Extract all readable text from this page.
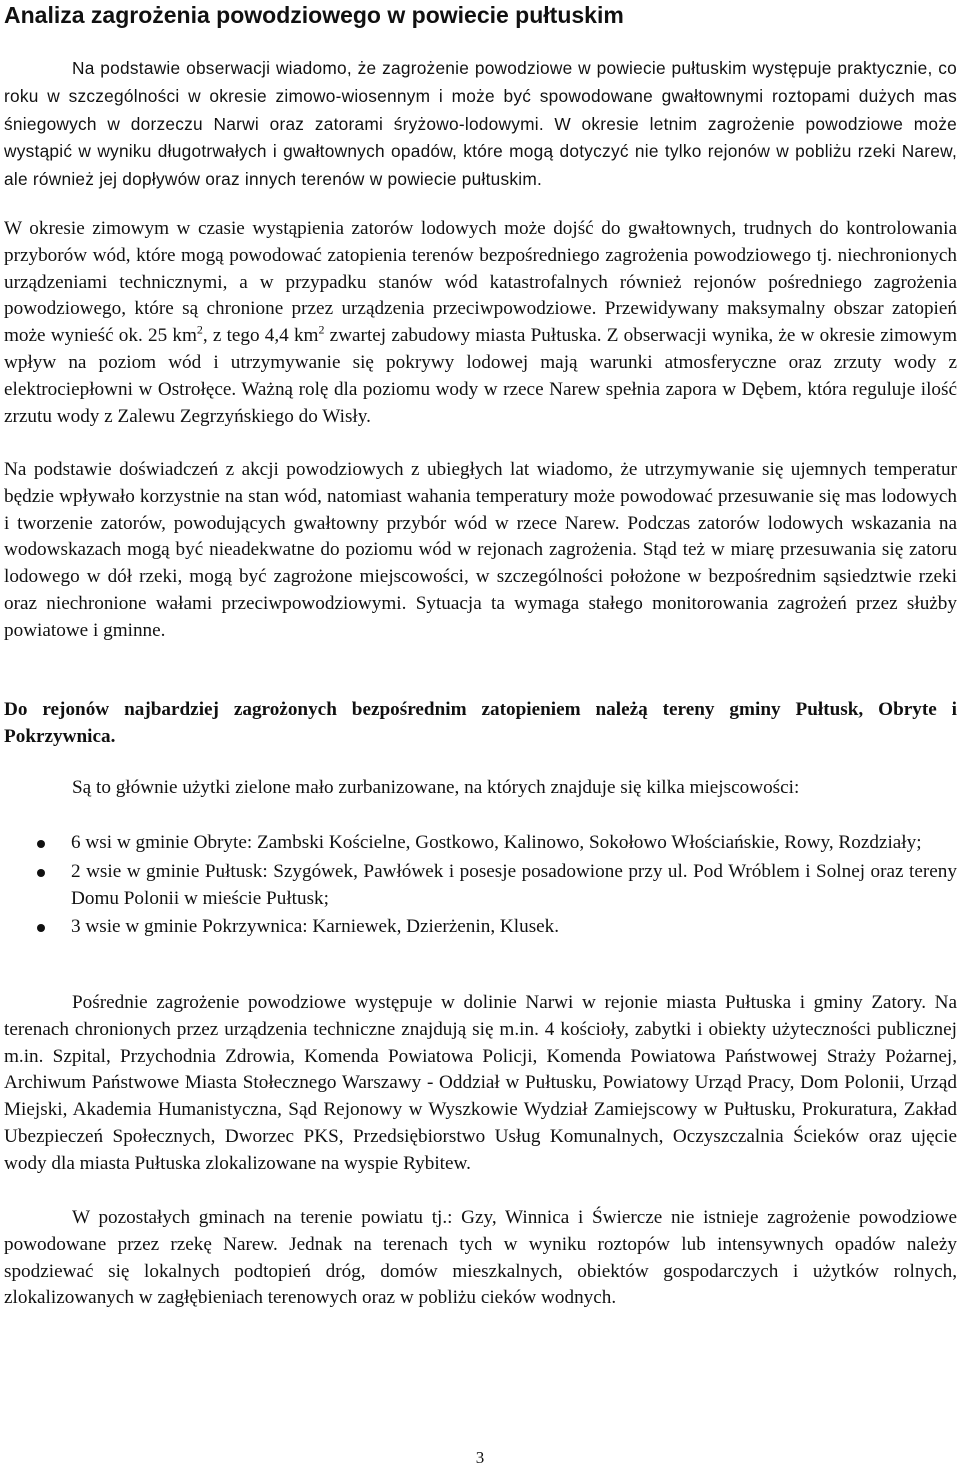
Analiza zagrożenia powodziowego w powiecie pułtuskim

Na podstawie obserwacji wiadomo, że zagrożenie powodziowe w powiecie pułtuskim występuje praktycznie, co roku w szczególności w okresie zimowo-wiosennym i może być spowodowane gwałtownymi roztopami dużych mas śniegowych w dorzeczu Narwi oraz zatorami śryżowo-lodowymi. W okresie letnim zagrożenie powodziowe może wystąpić w wyniku długotrwałych i gwałtownych opadów, które mogą dotyczyć nie tylko rejonów w pobliżu rzeki Narew, ale również jej dopływów oraz innych terenów w powiecie pułtuskim.

W okresie zimowym w czasie wystąpienia zatorów lodowych może dojść do gwałtownych, trudnych do kontrolowania przyborów wód, które mogą powodować zatopienia terenów bezpośredniego zagrożenia powodziowego tj. niechronionych urządzeniami technicznymi, a w przypadku stanów wód katastrofalnych również rejonów pośredniego zagrożenia powodziowego, które są chronione przez urządzenia przeciwpowodziowe. Przewidywany maksymalny obszar zatopień może wynieść ok. 25 $km^2$, z tego 4,4 $km^2$ zwartej zabudowy miasta Pułtuska. Z obserwacji wynika, że w okresie zimowym wpływ na poziom wód i utrzymywanie się pokrywy lodowej mają warunki atmosferyczne oraz zrzuty wody z elektrociepłowni w Ostrołęce. Ważną rolę dla poziomu wody w rzece Narew spełnia zapora w Dębem, która reguluje ilość zrzutu wody z Zalewu Zegrzyńskiego do Wisły.

Na podstawie doświadczeń z akcji powodziowych z ubiegłych lat wiadomo, że utrzymywanie się ujemnych temperatur będzie wpływało korzystnie na stan wód, natomiast wahania temperatury może powodować przesuwanie się mas lodowych i tworzenie zatorów, powodujących gwałtowny przybór wód w rzece Narew. Podczas zatorów lodowych wskazania na wodowskazach mogą być nieadekwatne do poziomu wód w rejonach zagrożenia. Stąd też w miarę przesuwania się zatoru lodowego w dół rzeki, mogą być zagrożone miejscowości, w szczególności położone w bezpośrednim sąsiedztwie rzeki oraz niechronione wałami przeciwpowodziowymi. Sytuacja ta wymaga stałego monitorowania zagrożeń przez służby powiatowe i gminne.

Do rejonów najbardziej zagrożonych bezpośrednim zatopieniem należą tereny gminy Pułtusk, Obryte i Pokrzywnica.

Są to głównie użytki zielone mało zurbanizowane, na których znajduje się kilka miejscowości:

6 wsi w gminie Obryte: Zambski Kościelne, Gostkowo, Kalinowo, Sokołowo Włościańskie, Rowy, Rozdziały;
2 wsie w gminie Pułtusk: Szygówek, Pawłówek i posesje posadowione przy ul. Pod Wróblem i Solnej oraz tereny Domu Polonii w mieście Pułtusk;
3 wsie w gminie Pokrzywnica: Karniewek, Dzierżenin, Klusek.

Pośrednie zagrożenie powodziowe występuje w dolinie Narwi w rejonie miasta Pułtuska i gminy Zatory. Na terenach chronionych przez urządzenia techniczne znajdują się m.in. 4 kościoły, zabytki i obiekty użyteczności publicznej m.in. Szpital, Przychodnia Zdrowia, Komenda Powiatowa Policji, Komenda Powiatowa Państwowej Straży Pożarnej, Archiwum Państwowe Miasta Stołecznego Warszawy - Oddział w Pułtusku, Powiatowy Urząd Pracy, Dom Polonii, Urząd Miejski, Akademia Humanistyczna, Sąd Rejonowy w Wyszkowie Wydział Zamiejscowy w Pułtusku, Prokuratura, Zakład Ubezpieczeń Społecznych, Dworzec PKS, Przedsiębiorstwo Usług Komunalnych, Oczyszczalnia Ścieków oraz ujęcie wody dla miasta Pułtuska zlokalizowane na wyspie Rybitew.

W pozostałych gminach na terenie powiatu tj.: Gzy, Winnica i Świercze nie istnieje zagrożenie powodziowe powodowane przez rzekę Narew. Jednak na terenach tych w wyniku roztopów lub intensywnych opadów należy spodziewać się lokalnych podtopień dróg, domów mieszkalnych, obiektów gospodarczych i użytków rolnych, zlokalizowanych w zagłębieniach terenowych oraz w pobliżu cieków wodnych.

3
